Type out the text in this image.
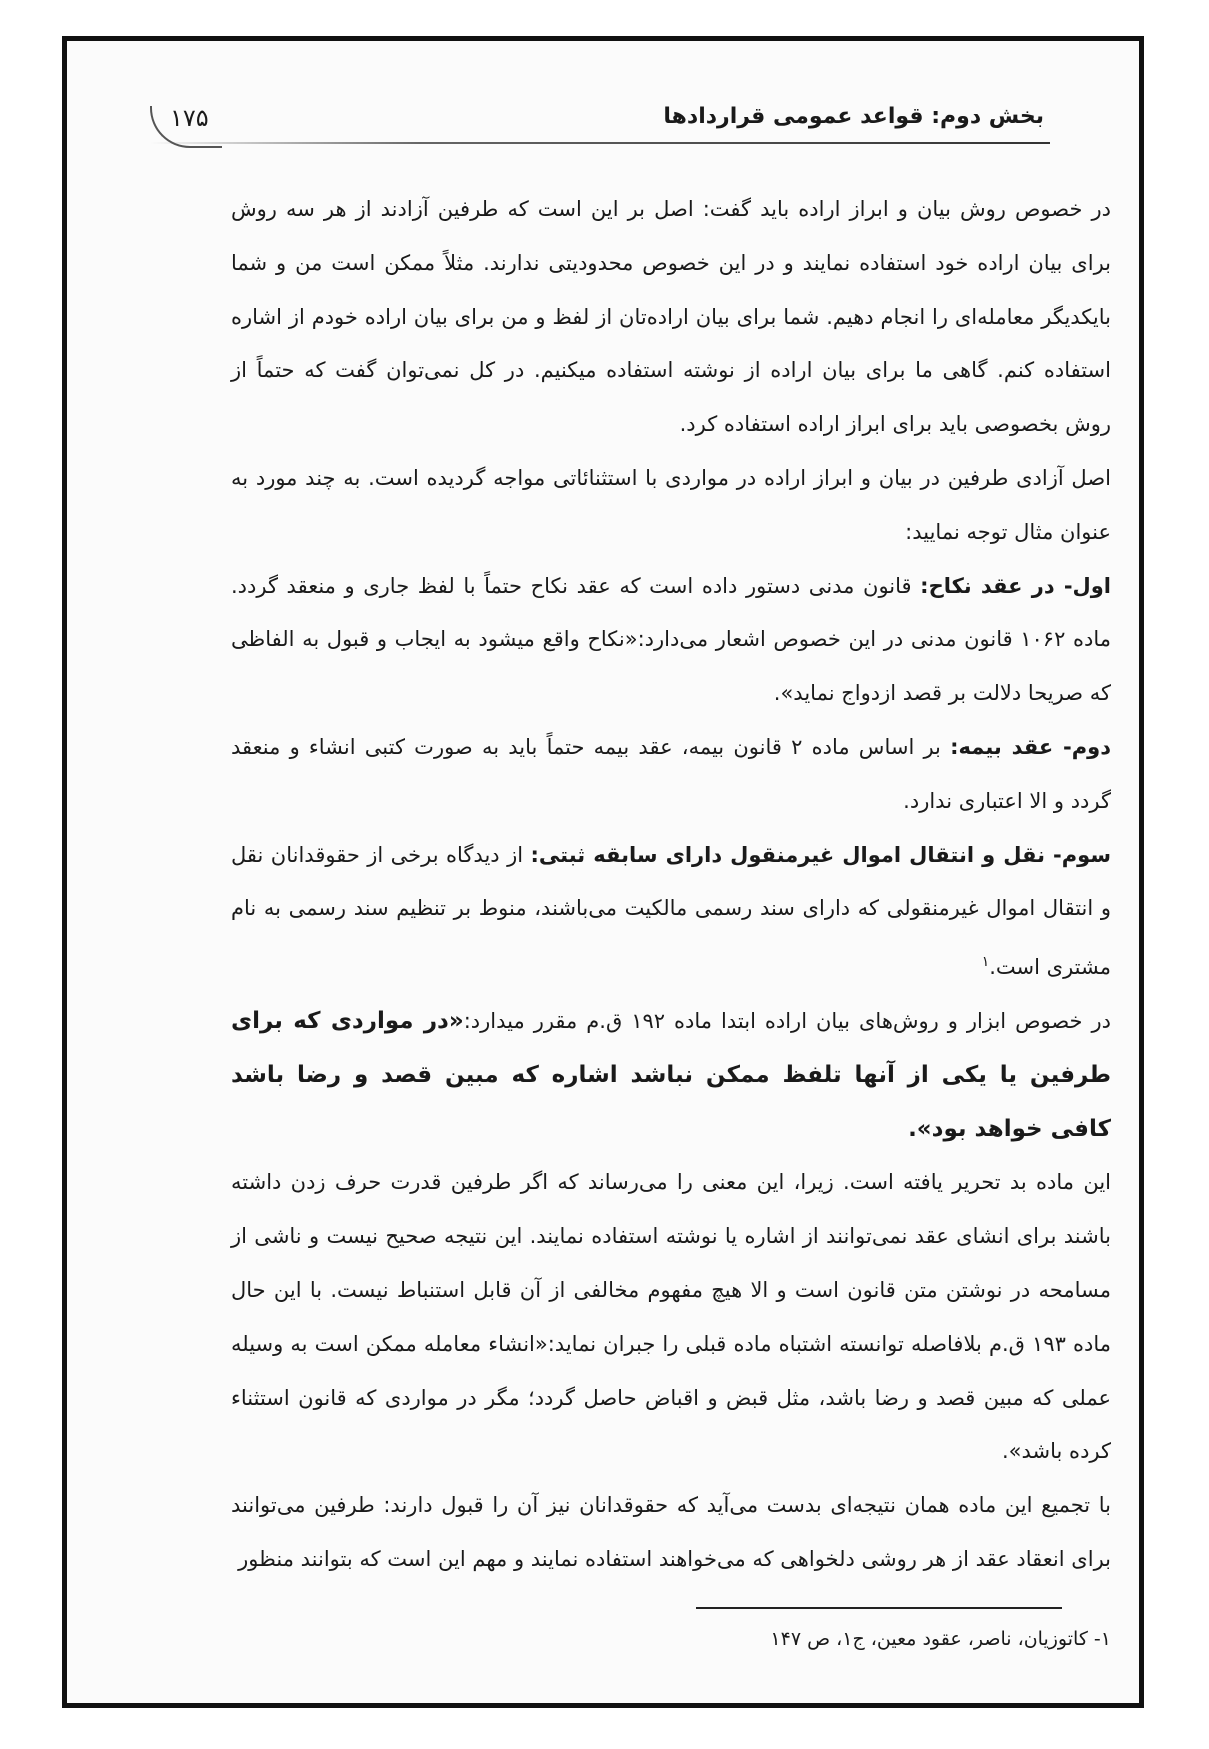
۱۷۵	بخش دوم: قواعد عمومی قراردادها

در خصوص روش بیان و ابراز اراده باید گفت: اصل بر این است که طرفین آزادند از هر سه روش برای بیان اراده خود استفاده نمایند و در این خصوص محدودیتی ندارند. مثلاً ممکن است من و شما بایکدیگر معامله‌ای را انجام دهیم. شما برای بیان اراده‌تان از لفظ و من برای بیان اراده خودم از اشاره استفاده کنم. گاهی ما برای بیان اراده از نوشته استفاده میکنیم. در کل نمی‌توان گفت که حتماً از روش بخصوصی باید برای ابراز اراده استفاده کرد.

اصل آزادی طرفین در بیان و ابراز اراده در مواردی با استثنائاتی مواجه گردیده است. به چند مورد به عنوان مثال توجه نمایید:

اول- در عقد نکاح: قانون مدنی دستور داده است که عقد نکاح حتماً با لفظ جاری و منعقد گردد. ماده ۱۰۶۲ قانون مدنی در این خصوص اشعار می‌دارد:«نکاح واقع میشود به ایجاب و قبول به الفاظی که صریحا دلالت بر قصد ازدواج نماید».

دوم- عقد بیمه: بر اساس ماده ۲ قانون بیمه، عقد بیمه حتماً باید به صورت کتبی انشاء و منعقد گردد و الا اعتباری ندارد.

سوم- نقل و انتقال اموال غیرمنقول دارای سابقه ثبتی: از دیدگاه برخی از حقوقدانان نقل و انتقال اموال غیرمنقولی که دارای سند رسمی مالکیت می‌باشند، منوط بر تنظیم سند رسمی به نام مشتری است.$^۱$

در خصوص ابزار و روش‌های بیان اراده ابتدا ماده ۱۹۲ ق.م مقرر میدارد:«در مواردی که برای طرفین یا یکی از آنها تلفظ ممکن نباشد اشاره که مبین قصد و رضا باشد کافی خواهد بود».

این ماده بد تحریر یافته است. زیرا، این معنی را می‌رساند که اگر طرفین قدرت حرف زدن داشته باشند برای انشای عقد نمی‌توانند از اشاره یا نوشته استفاده نمایند. این نتیجه صحیح نیست و ناشی از مسامحه در نوشتن متن قانون است و الا هیچ مفهوم مخالفی از آن قابل استنباط نیست. با این حال ماده ۱۹۳ ق.م بلافاصله توانسته اشتباه ماده قبلی را جبران نماید:«انشاء معامله ممکن است به وسیله عملی که مبین قصد و رضا باشد، مثل قبض و اقباض حاصل گردد؛ مگر در مواردی که قانون استثناء کرده باشد».

با تجمیع این ماده همان نتیجه‌ای بدست می‌آید که حقوقدانان نیز آن را قبول دارند: طرفین می‌توانند برای انعقاد عقد از هر روشی دلخواهی که می‌خواهند استفاده نمایند و مهم این است که بتوانند منظور

۱- کاتوزیان، ناصر، عقود معین، ج۱، ص ۱۴۷
